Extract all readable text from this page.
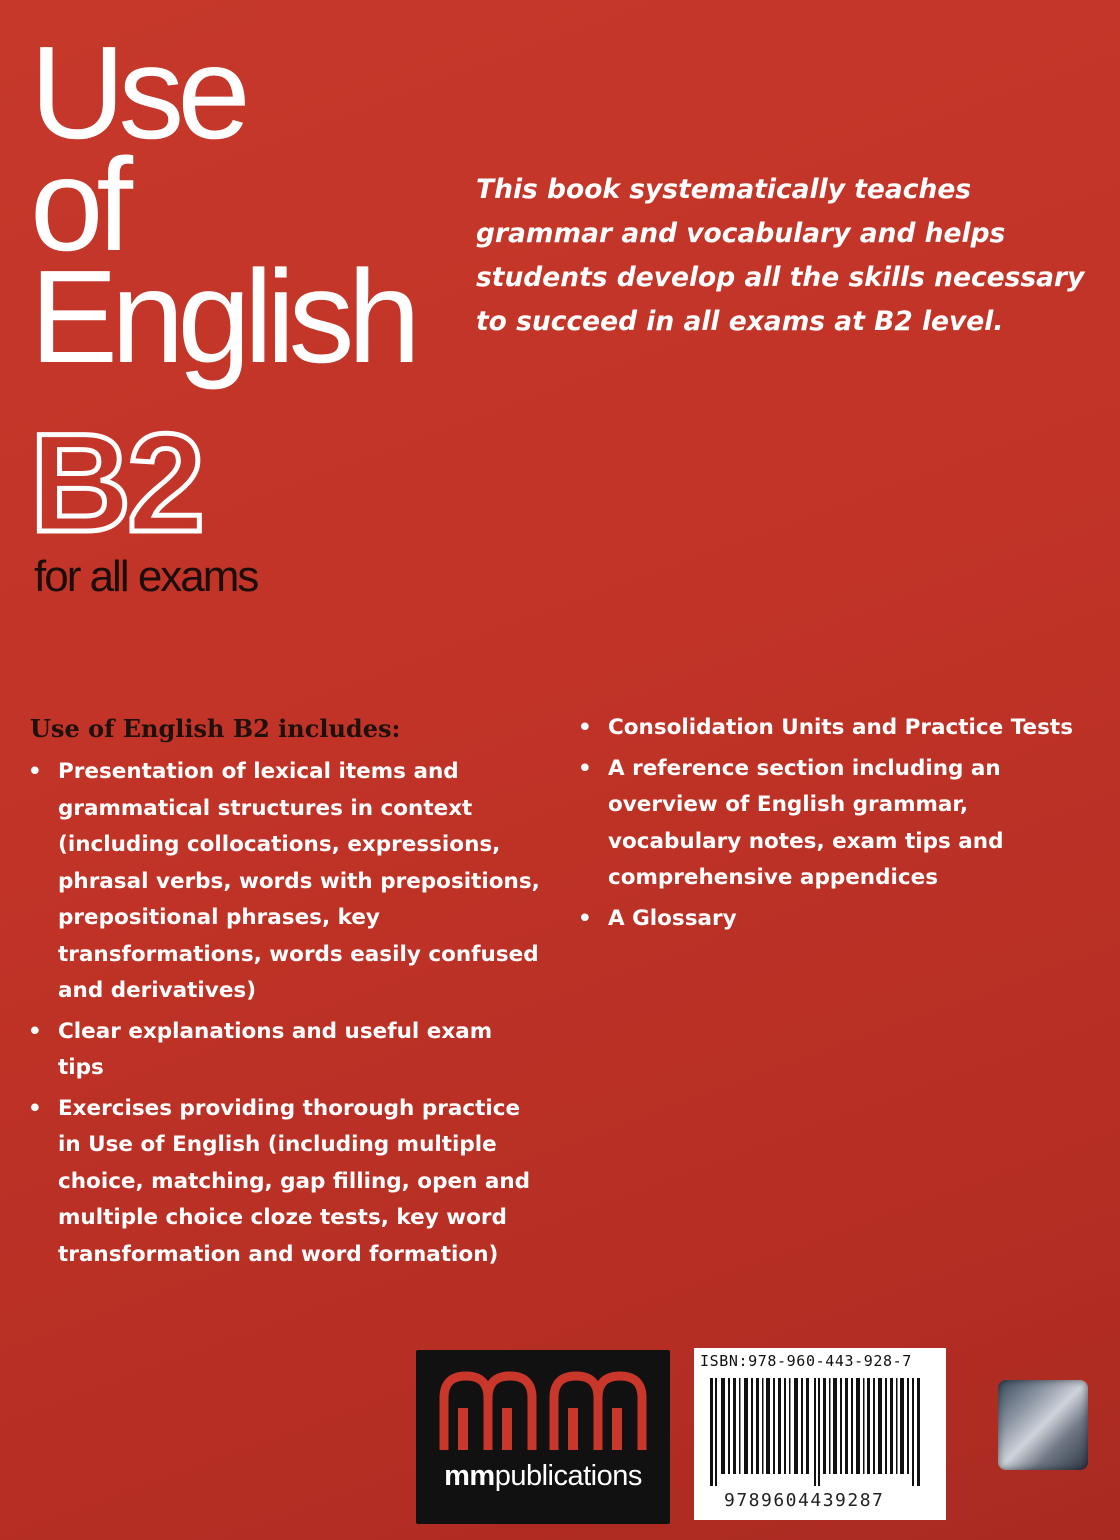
Use
of
English
B2
for all exams

This book systematically teaches grammar and vocabulary and helps students develop all the skills necessary to succeed in all exams at B2 level.

Use of English B2 includes:
• Presentation of lexical items and grammatical structures in context (including collocations, expressions, phrasal verbs, words with prepositions, prepositional phrases, key transformations, words easily confused and derivatives)
• Clear explanations and useful exam tips
• Exercises providing thorough practice in Use of English (including multiple choice, matching, gap filling, open and multiple choice cloze tests, key word transformation and word formation)
• Consolidation Units and Practice Tests
• A reference section including an overview of English grammar, vocabulary notes, exam tips and comprehensive appendices
• A Glossary
mmpublications

ISBN:978-960-443-928-7

9789604439287
